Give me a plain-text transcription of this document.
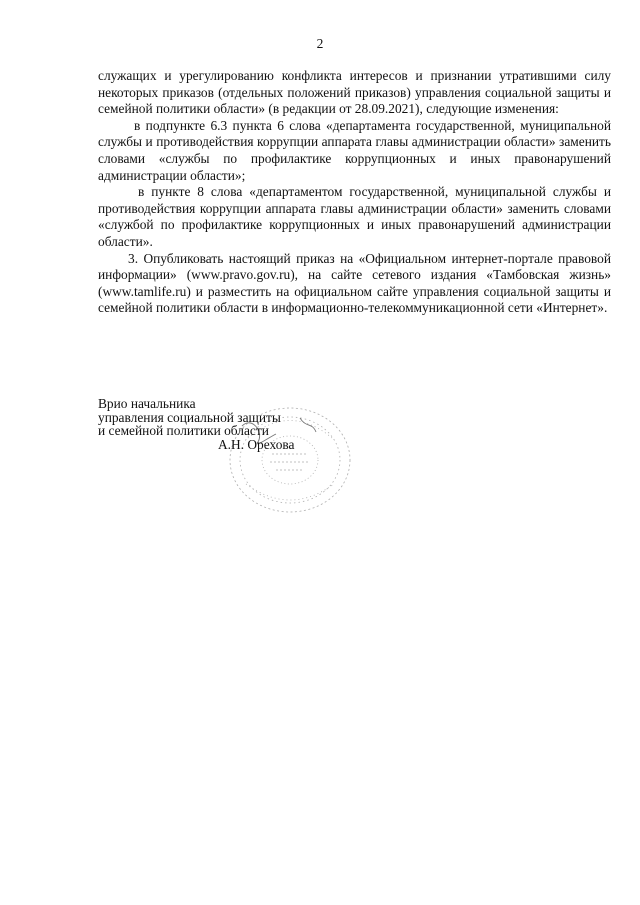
2

служащих и урегулированию конфликта интересов и признании утратившими силу некоторых приказов (отдельных положений приказов) управления социальной защиты и семейной политики области» (в редакции от 28.09.2021), следующие изменения:

в подпункте 6.3 пункта 6 слова «департамента государственной, муниципальной службы и противодействия коррупции аппарата главы администрации области» заменить словами «службы по профилактике коррупционных и иных правонарушений администрации области»;

в пункте 8 слова «департаментом государственной, муниципальной службы и противодействия коррупции аппарата главы администрации области» заменить словами «службой по профилактике коррупционных и иных правонарушений администрации области».

3. Опубликовать настоящий приказ на «Официальном интернет-портале правовой информации» (www.pravo.gov.ru), на сайте сетевого издания «Тамбовская жизнь» (www.tamlife.ru) и разместить на официальном сайте управления социальной защиты и семейной политики области в информационно-телекоммуникационной сети «Интернет».

Врио начальника
управления социальной защиты
и семейной политики области
А.Н. Орехова
